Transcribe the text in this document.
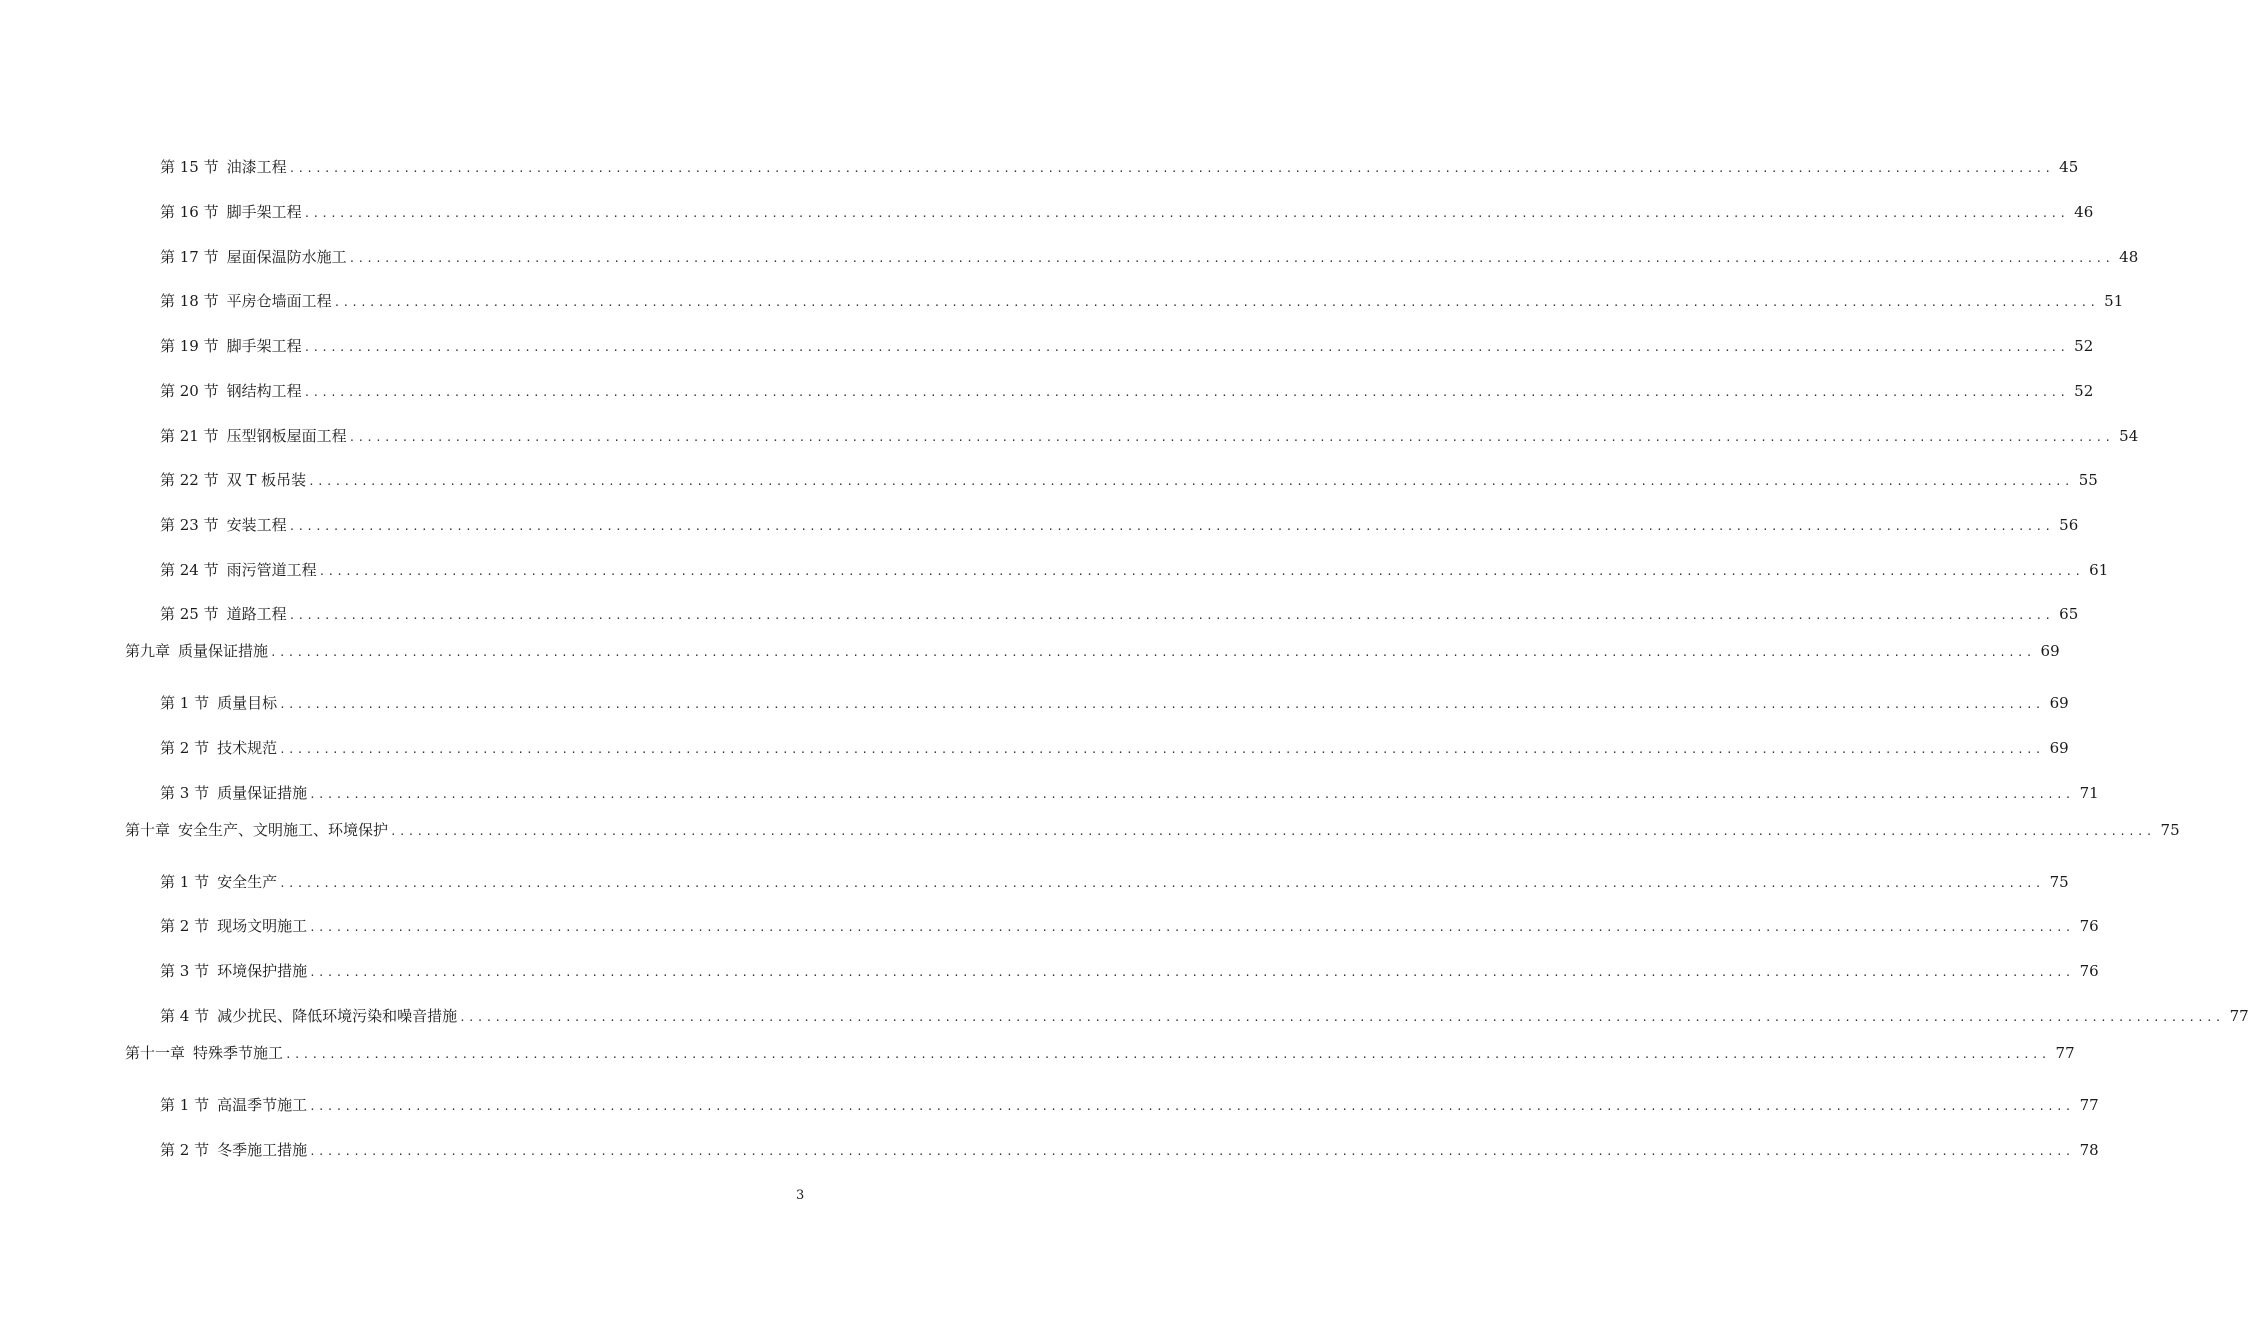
第 15 节 油漆工程 ........................................................................................................................................................................................................ 45
第 16 节 脚手架工程 ........................................................................................................................................................................................................ 46
第 17 节 屋面保温防水施工 ........................................................................................................................................................................................................ 48
第 18 节 平房仓墙面工程 ........................................................................................................................................................................................................ 51
第 19 节 脚手架工程 ........................................................................................................................................................................................................ 52
第 20 节 钢结构工程 ........................................................................................................................................................................................................ 52
第 21 节 压型钢板屋面工程 ........................................................................................................................................................................................................ 54
第 22 节 双 T 板吊装 ........................................................................................................................................................................................................ 55
第 23 节 安装工程 ........................................................................................................................................................................................................ 56
第 24 节 雨污管道工程 ........................................................................................................................................................................................................ 61
第 25 节 道路工程 ........................................................................................................................................................................................................ 65
第九章 质量保证措施 ........................................................................................................................................................................................................ 69
第 1 节 质量目标 ........................................................................................................................................................................................................ 69
第 2 节 技术规范 ........................................................................................................................................................................................................ 69
第 3 节 质量保证措施 ........................................................................................................................................................................................................ 71
第十章 安全生产、文明施工、环境保护 ........................................................................................................................................................................................................ 75
第 1 节 安全生产 ........................................................................................................................................................................................................ 75
第 2 节 现场文明施工 ........................................................................................................................................................................................................ 76
第 3 节 环境保护措施 ........................................................................................................................................................................................................ 76
第 4 节 减少扰民、降低环境污染和噪音措施 ........................................................................................................................................................................................................ 77
第十一章 特殊季节施工 ........................................................................................................................................................................................................ 77
第 1 节 高温季节施工 ........................................................................................................................................................................................................ 77
第 2 节 冬季施工措施 ........................................................................................................................................................................................................ 78
3
